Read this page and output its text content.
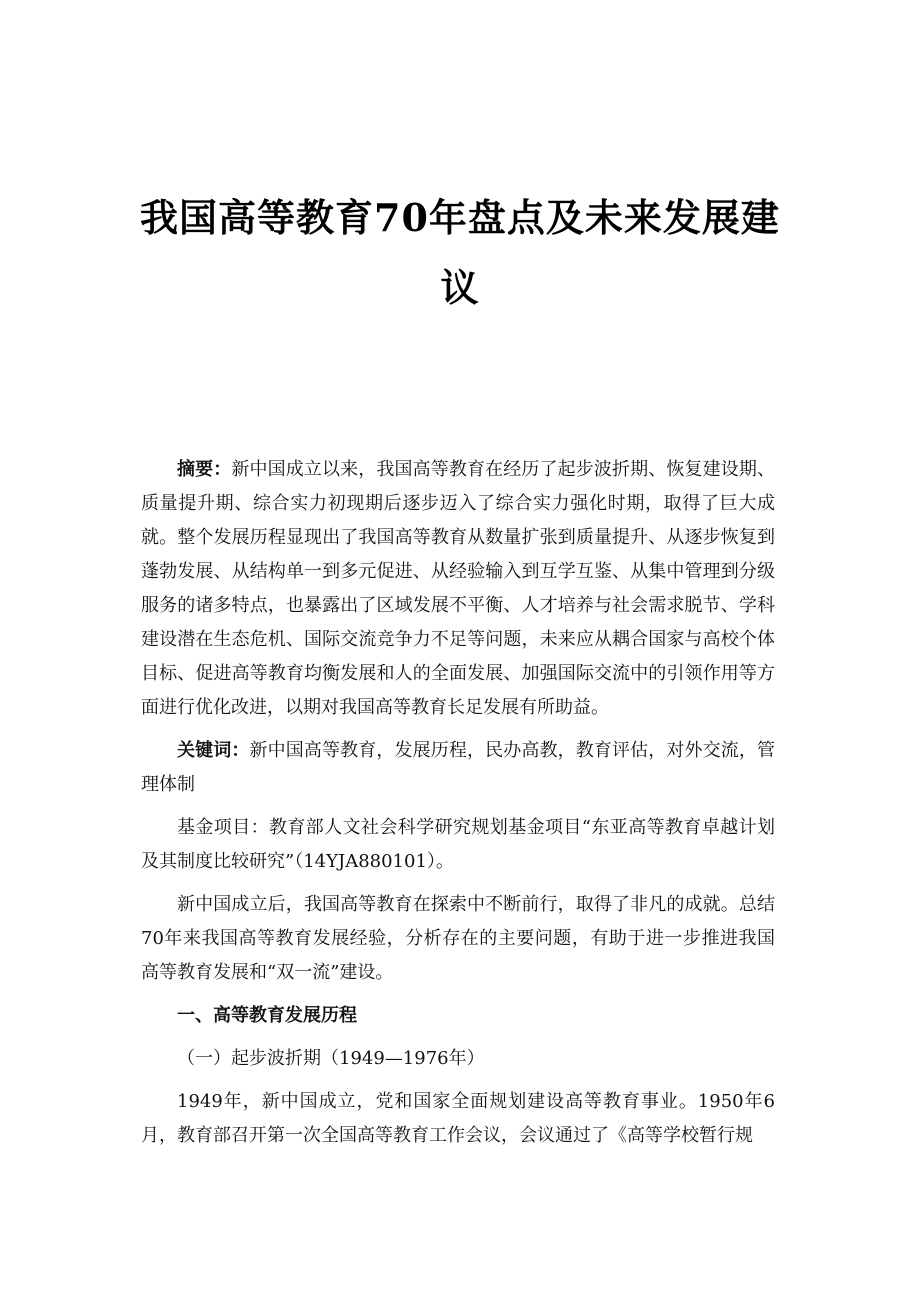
我国高等教育70年盘点及未来发展建
议

摘要：新中国成立以来，我国高等教育在经历了起步波折期、恢复建设期、质量提升期、综合实力初现期后逐步迈入了综合实力强化时期，取得了巨大成就。整个发展历程显现出了我国高等教育从数量扩张到质量提升、从逐步恢复到蓬勃发展、从结构单一到多元促进、从经验输入到互学互鉴、从集中管理到分级服务的诸多特点，也暴露出了区域发展不平衡、人才培养与社会需求脱节、学科建设潜在生态危机、国际交流竞争力不足等问题，未来应从耦合国家与高校个体目标、促进高等教育均衡发展和人的全面发展、加强国际交流中的引领作用等方面进行优化改进，以期对我国高等教育长足发展有所助益。

关键词：新中国高等教育，发展历程，民办高教，教育评估，对外交流，管理体制

基金项目：教育部人文社会科学研究规划基金项目“东亚高等教育卓越计划及其制度比较研究”（14YJA880101）。

新中国成立后，我国高等教育在探索中不断前行，取得了非凡的成就。总结70年来我国高等教育发展经验，分析存在的主要问题，有助于进一步推进我国高等教育发展和“双一流”建设。

一、高等教育发展历程

（一）起步波折期（1949—1976年）

1949年，新中国成立，党和国家全面规划建设高等教育事业。1950年6月，教育部召开第一次全国高等教育工作会议，会议通过了《高等学校暂行规
